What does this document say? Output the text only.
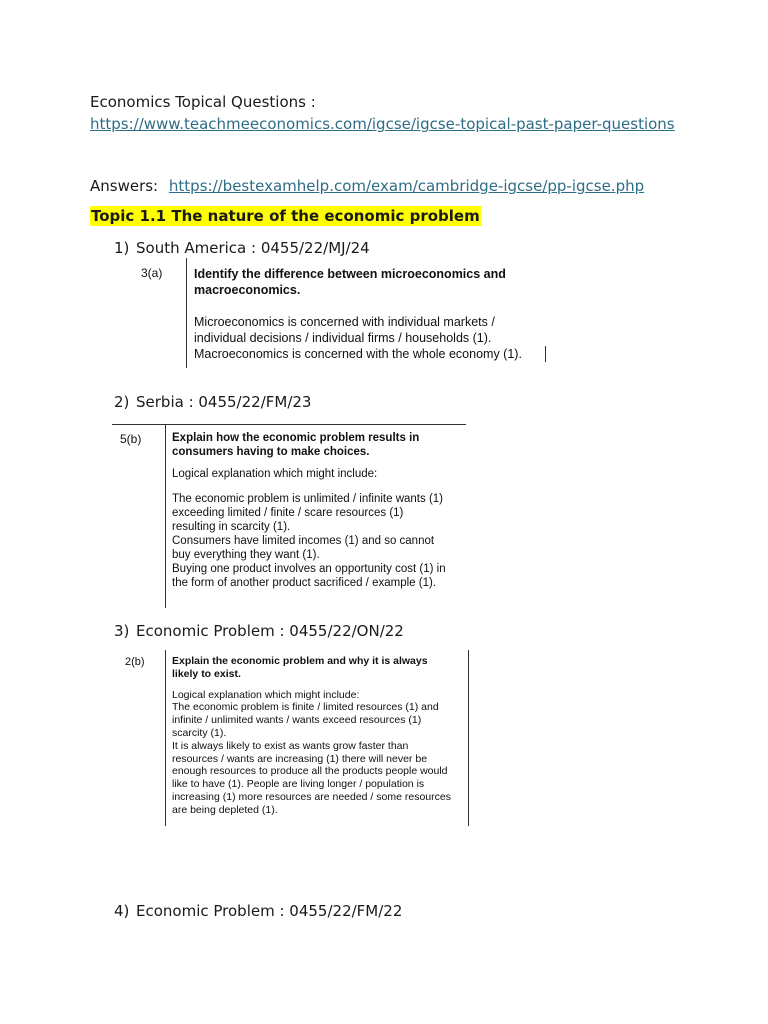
Economics Topical Questions :
https://www.teachmeeconomics.com/igcse/igcse-topical-past-paper-questions
Answers: https://bestexamhelp.com/exam/cambridge-igcse/pp-igcse.php
Topic 1.1 The nature of the economic problem
1) South America : 0455/22/MJ/24
3(a)	Identify the difference between microeconomics and
macroeconomics.
Microeconomics is concerned with individual markets /
individual decisions / individual firms / households (1).
Macroeconomics is concerned with the whole economy (1).
2) Serbia : 0455/22/FM/23
5(b)	Explain how the economic problem results in
consumers having to make choices.
Logical explanation which might include:
The economic problem is unlimited / infinite wants (1)
exceeding limited / finite / scare resources (1)
resulting in scarcity (1).
Consumers have limited incomes (1) and so cannot
buy everything they want (1).
Buying one product involves an opportunity cost (1) in
the form of another product sacrificed / example (1).
3) Economic Problem : 0455/22/ON/22
2(b)	Explain the economic problem and why it is always
likely to exist.
Logical explanation which might include:
The economic problem is finite / limited resources (1) and
infinite / unlimited wants / wants exceed resources (1)
scarcity (1).
It is always likely to exist as wants grow faster than
resources / wants are increasing (1) there will never be
enough resources to produce all the products people would
like to have (1). People are living longer / population is
increasing (1) more resources are needed / some resources
are being depleted (1).
4) Economic Problem : 0455/22/FM/22
